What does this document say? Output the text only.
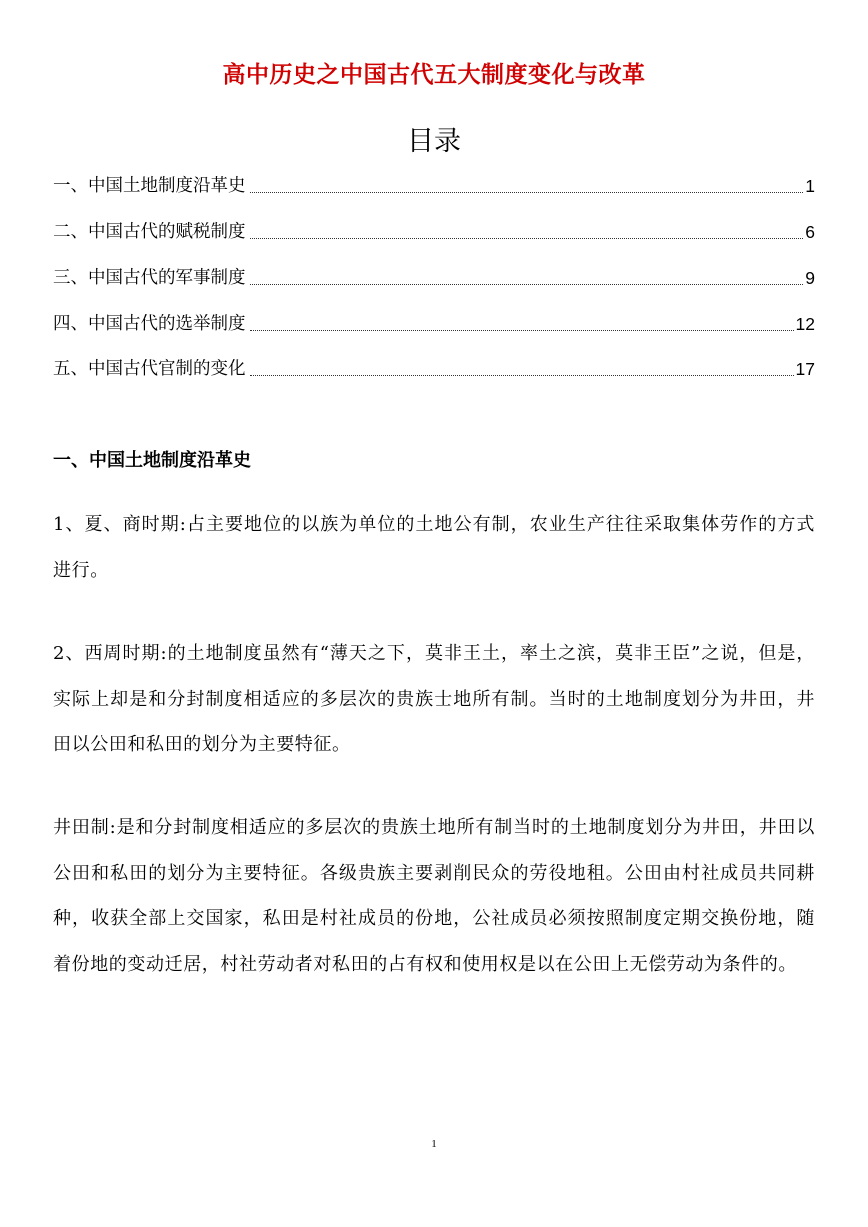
高中历史之中国古代五大制度变化与改革
目录
一、中国土地制度沿革史	1
二、中国古代的赋税制度	6
三、中国古代的军事制度	9
四、中国古代的选举制度	12
五、中国古代官制的变化	17
一、中国土地制度沿革史

1、夏、商时期:占主要地位的以族为单位的土地公有制，农业生产往往采取集体劳作的方式进行。

2、西周时期:的土地制度虽然有“薄天之下，莫非王土，率土之滨，莫非王臣”之说，但是，实际上却是和分封制度相适应的多层次的贵族士地所有制。当时的土地制度划分为井田，井田以公田和私田的划分为主要特征。

井田制:是和分封制度相适应的多层次的贵族土地所有制当时的土地制度划分为井田，井田以公田和私田的划分为主要特征。各级贵族主要剥削民众的劳役地租。公田由村社成员共同耕种，收获全部上交国家，私田是村社成员的份地，公社成员必须按照制度定期交换份地，随着份地的变动迁居，村社劳动者对私田的占有权和使用权是以在公田上无偿劳动为条件的。

1
